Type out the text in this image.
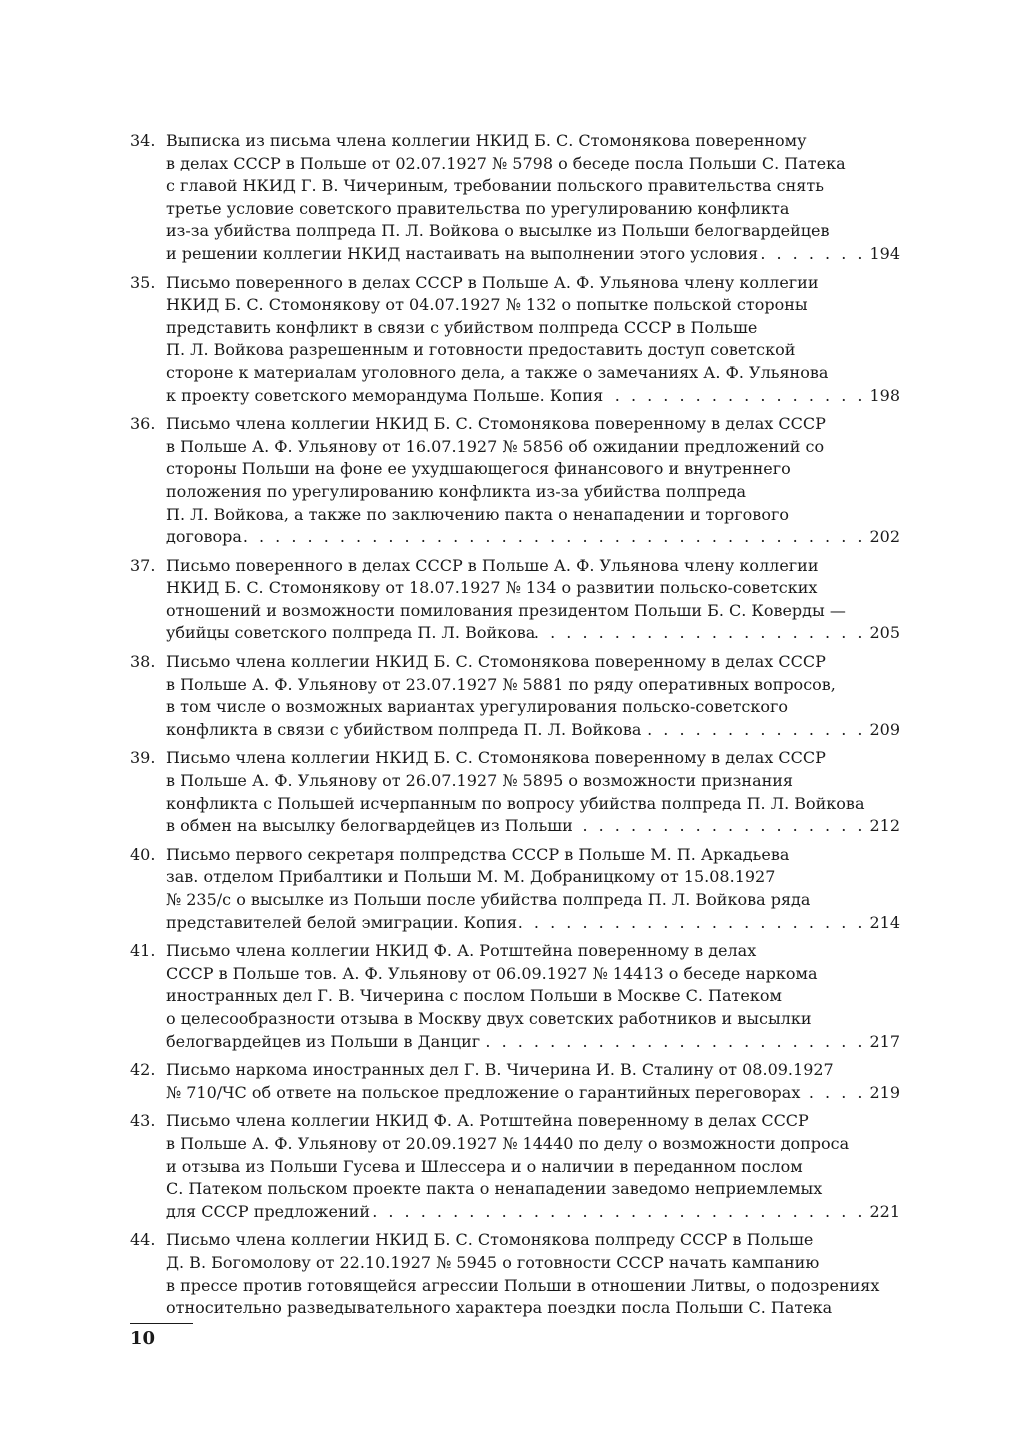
34. Выписка из письма члена коллегии НКИД Б. С. Стомонякова поверенному
в делах СССР в Польше от 02.07.1927 № 5798 о беседе посла Польши С. Патека
с главой НКИД Г. В. Чичериным, требовании польского правительства снять
третье условие советского правительства по урегулированию конфликта
из-за убийства полпреда П. Л. Войкова о высылке из Польши белогвардейцев
и решении коллегии НКИД настаивать на выполнении этого условия . . .	194
35. Письмо поверенного в делах СССР в Польше А. Ф. Ульянова члену коллегии
НКИД Б. С. Стомонякову от 04.07.1927 № 132 о попытке польской стороны
представить конфликт в связи с убийством полпреда СССР в Польше
П. Л. Войкова разрешенным и готовности предоставить доступ советской
стороне к материалам уголовного дела, а также о замечаниях А. Ф. Ульянова
к проекту советского меморандума Польше. Копия . . .	198
36. Письмо члена коллегии НКИД Б. С. Стомонякова поверенному в делах СССР
в Польше А. Ф. Ульянову от 16.07.1927 № 5856 об ожидании предложений со
стороны Польши на фоне ее ухудшающегося финансового и внутреннего
положения по урегулированию конфликта из-за убийства полпреда
П. Л. Войкова, а также по заключению пакта о ненападении и торгового
договора . . .	202
37. Письмо поверенного в делах СССР в Польше А. Ф. Ульянова члену коллегии
НКИД Б. С. Стомонякову от 18.07.1927 № 134 о развитии польско-советских
отношений и возможности помилования президентом Польши Б. С. Коверды —
убийцы советского полпреда П. Л. Войкова . . .	205
38. Письмо члена коллегии НКИД Б. С. Стомонякова поверенному в делах СССР
в Польше А. Ф. Ульянову от 23.07.1927 № 5881 по ряду оперативных вопросов,
в том числе о возможных вариантах урегулирования польско-советского
конфликта в связи с убийством полпреда П. Л. Войкова . . .	209
39. Письмо члена коллегии НКИД Б. С. Стомонякова поверенному в делах СССР
в Польше А. Ф. Ульянову от 26.07.1927 № 5895 о возможности признания
конфликта с Польшей исчерпанным по вопросу убийства полпреда П. Л. Войкова
в обмен на высылку белогвардейцев из Польши . . .	212
40. Письмо первого секретаря полпредства СССР в Польше М. П. Аркадьева
зав. отделом Прибалтики и Польши М. М. Добраницкому от 15.08.1927
№ 235/с о высылке из Польши после убийства полпреда П. Л. Войкова ряда
представителей белой эмиграции. Копия . . .	214
41. Письмо члена коллегии НКИД Ф. А. Ротштейна поверенному в делах
СССР в Польше тов. А. Ф. Ульянову от 06.09.1927 № 14413 о беседе наркома
иностранных дел Г. В. Чичерина с послом Польши в Москве С. Патеком
о целесообразности отзыва в Москву двух советских работников и высылки
белогвардейцев из Польши в Данциг . . .	217
42. Письмо наркома иностранных дел Г. В. Чичерина И. В. Сталину от 08.09.1927
№ 710/ЧС об ответе на польское предложение о гарантийных переговорах . . .	219
43. Письмо члена коллегии НКИД Ф. А. Ротштейна поверенному в делах СССР
в Польше А. Ф. Ульянову от 20.09.1927 № 14440 по делу о возможности допроса
и отзыва из Польши Гусева и Шлессера и о наличии в переданном послом
С. Патеком польском проекте пакта о ненападении заведомо неприемлемых
для СССР предложений . . .	221
44. Письмо члена коллегии НКИД Б. С. Стомонякова полпреду СССР в Польше
Д. В. Богомолову от 22.10.1927 № 5945 о готовности СССР начать кампанию
в прессе против готовящейся агрессии Польши в отношении Литвы, о подозрениях
относительно разведывательного характера поездки посла Польши С. Патека
10
